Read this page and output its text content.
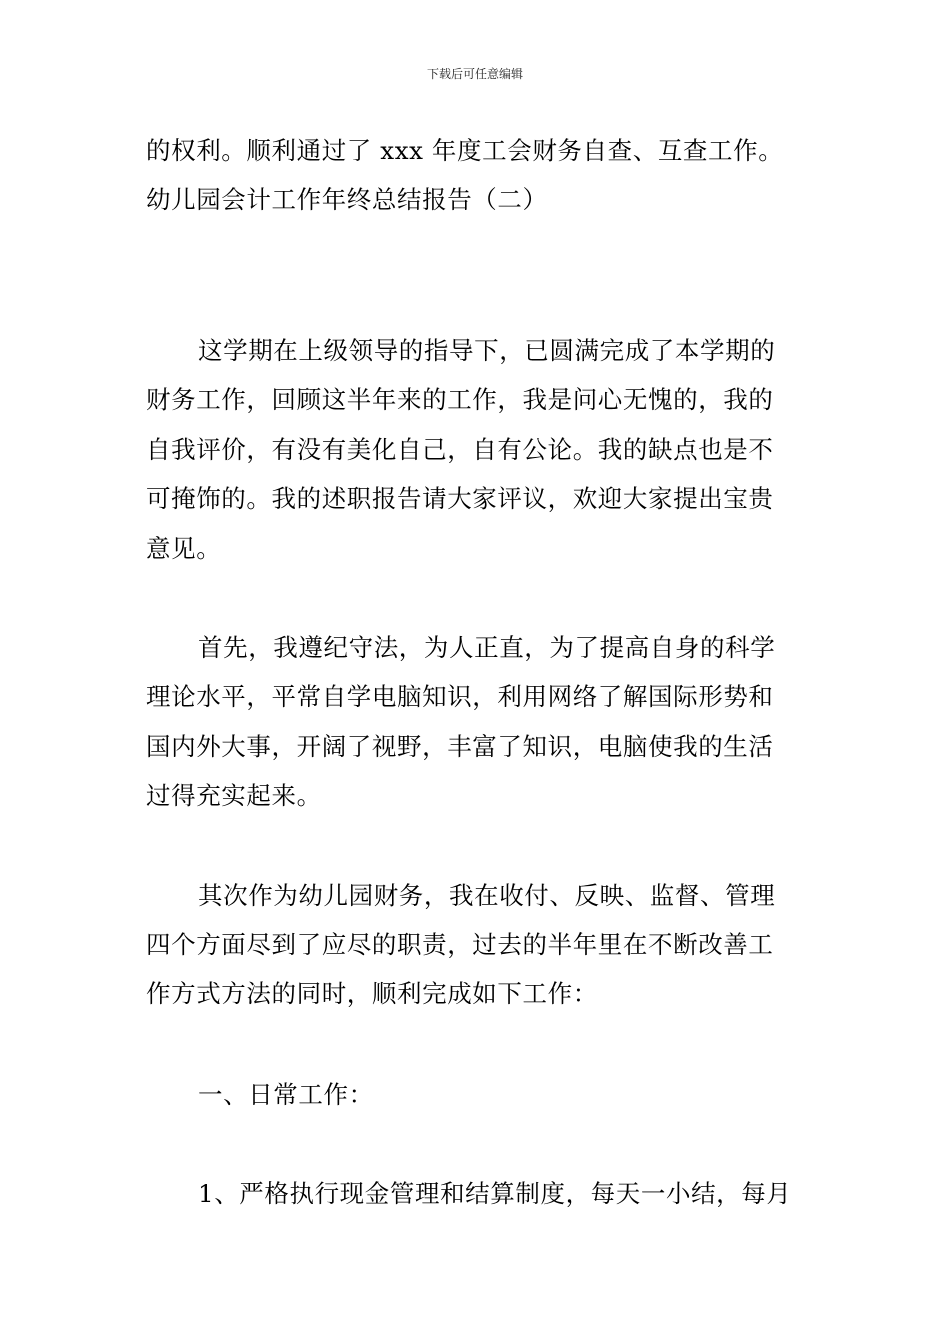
下载后可任意编辑
的权利。顺利通过了 xxx 年度工会财务自查、互查工作。
幼儿园会计工作年终总结报告（二）
这学期在上级领导的指导下，已圆满完成了本学期的
财务工作，回顾这半年来的工作，我是问心无愧的，我的
自我评价，有没有美化自己，自有公论。我的缺点也是不
可掩饰的。我的述职报告请大家评议，欢迎大家提出宝贵
意见。
首先，我遵纪守法，为人正直，为了提高自身的科学
理论水平，平常自学电脑知识，利用网络了解国际形势和
国内外大事，开阔了视野，丰富了知识，电脑使我的生活
过得充实起来。
其次作为幼儿园财务，我在收付、反映、监督、管理
四个方面尽到了应尽的职责，过去的半年里在不断改善工
作方式方法的同时，顺利完成如下工作：
一、日常工作：
1、严格执行现金管理和结算制度，每天一小结，每月
